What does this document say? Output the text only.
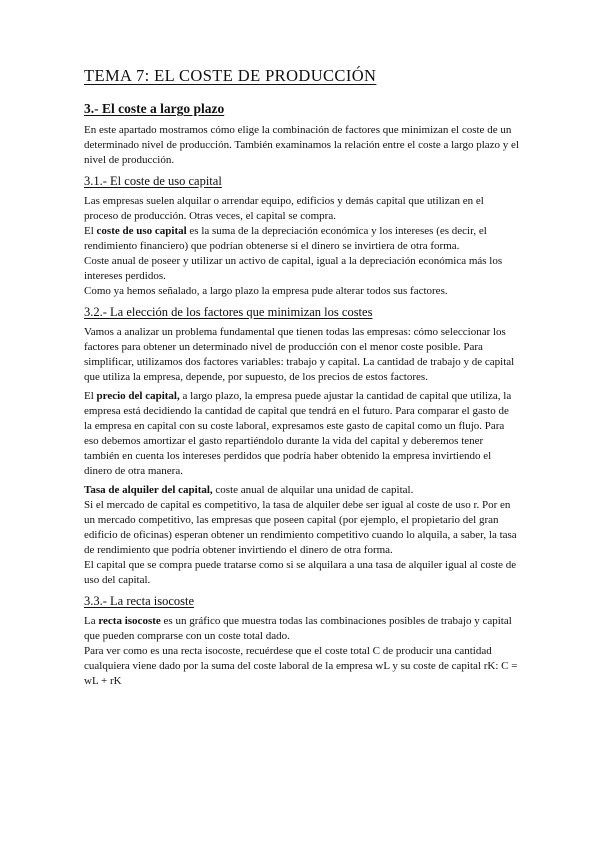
TEMA 7: EL COSTE DE PRODUCCIÓN
3.- El coste a largo plazo

En este apartado mostramos cómo elige la combinación de factores que minimizan el coste de un determinado nivel de producción. También examinamos la relación entre el coste a largo plazo y el nivel de producción.

3.1.- El coste de uso capital

Las empresas suelen alquilar o arrendar equipo, edificios y demás capital que utilizan en el proceso de producción. Otras veces, el capital se compra.

El coste de uso capital es la suma de la depreciación económica y los intereses (es decir, el rendimiento financiero) que podrían obtenerse si el dinero se invirtiera de otra forma.

Coste anual de poseer y utilizar un activo de capital, igual a la depreciación económica más los intereses perdidos.

Como ya hemos señalado, a largo plazo la empresa pude alterar todos sus factores.

3.2.- La elección de los factores que minimizan los costes

Vamos a analizar un problema fundamental que tienen todas las empresas: cómo seleccionar los factores para obtener un determinado nivel de producción con el menor coste posible. Para simplificar, utilizamos dos factores variables: trabajo y capital. La cantidad de trabajo y de capital que utiliza la empresa, depende, por supuesto, de los precios de estos factores.

El precio del capital, a largo plazo, la empresa puede ajustar la cantidad de capital que utiliza, la empresa está decidiendo la cantidad de capital que tendrá en el futuro. Para comparar el gasto de la empresa en capital con su coste laboral, expresamos este gasto de capital como un flujo. Para eso debemos amortizar el gasto repartiéndolo durante la vida del capital y deberemos tener también en cuenta los intereses perdidos que podría haber obtenido la empresa invirtiendo el dinero de otra manera.

Tasa de alquiler del capital, coste anual de alquilar una unidad de capital.

Si el mercado de capital es competitivo, la tasa de alquiler debe ser igual al coste de uso r. Por en un mercado competitivo, las empresas que poseen capital (por ejemplo, el propietario del gran edificio de oficinas) esperan obtener un rendimiento competitivo cuando lo alquila, a saber, la tasa de rendimiento que podría obtener invirtiendo el dinero de otra forma.

El capital que se compra puede tratarse como si se alquilara a una tasa de alquiler igual al coste de uso del capital.

3.3.- La recta isocoste

La recta isocoste es un gráfico que muestra todas las combinaciones posibles de trabajo y capital que pueden comprarse con un coste total dado.

Para ver como es una recta isocoste, recuérdese que el coste total C de producir una cantidad cualquiera viene dado por la suma del coste laboral de la empresa wL y su coste de capital rK: C = wL + rK
